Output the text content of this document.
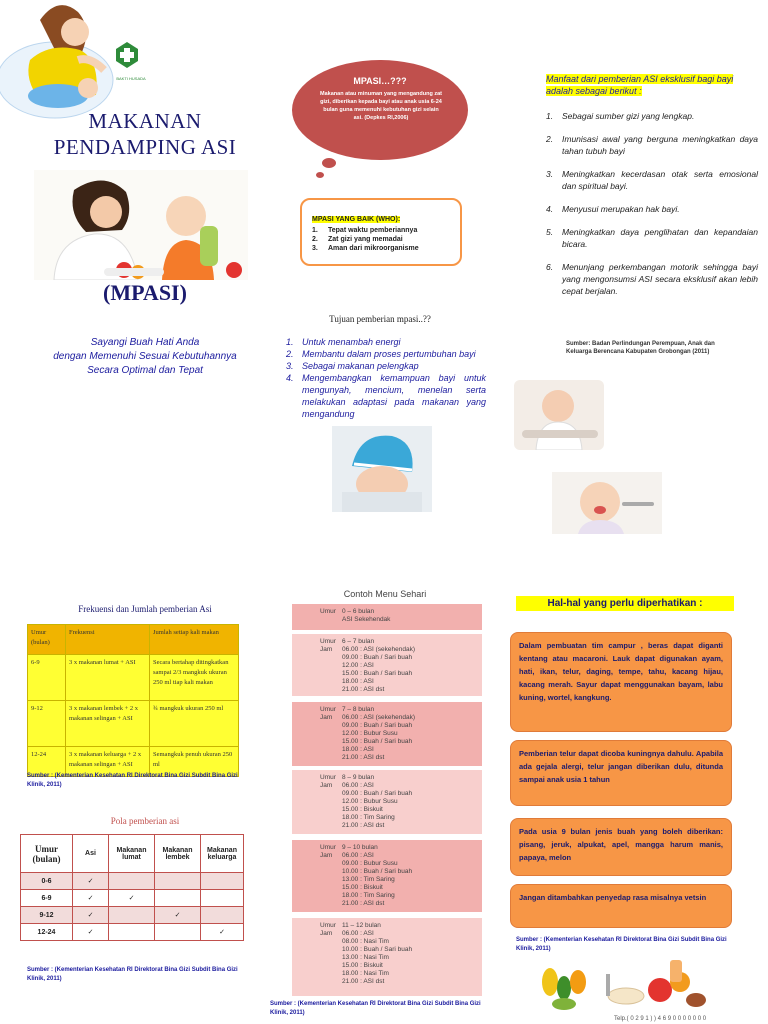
BAKTI HUSADA
MAKANAN
PENDAMPING ASI
(MPASI)
Sayangi Buah Hati Anda
dengan Memenuhi Sesuai Kebutuhannya
Secara Optimal dan Tepat
MPASI…???
Makanan atau minuman yang mengandung zat gizi, diberikan kepada bayi atau anak usia 6-24 bulan guna memenuhi kebutuhan gizi selain asi. (Depkes RI,2006)
MPASI YANG BAIK (WHO):
1.	Tepat waktu pemberiannya
2.	Zat gizi yang memadai
3.	Aman dari mikroorganisme
Tujuan pemberian mpasi..??
1. Untuk menambah energi
2. Membantu dalam proses pertumbuhan bayi
3. Sebagai makanan pelengkap
4. Mengembangkan kemampuan bayi untuk mengunyah, mencium, menelan serta melakukan adaptasi pada makanan yang mengandung
Manfaat dari pemberian ASI eksklusif bagi bayi adalah sebagai berikut :
1.	Sebagai sumber gizi yang lengkap.
2.	Imunisasi awal yang berguna meningkatkan daya tahan tubuh bayi
3.	Meningkatkan kecerdasan otak serta emosional dan spiritual bayi.
4.	Menyusui merupakan hak bayi.
5.	Meningkatkan daya penglihatan dan kepandaian bicara.
6.	Menunjang perkembangan motorik sehingga bayi yang mengonsumsi ASI secara eksklusif akan lebih cepat berjalan.
Sumber: Badan Perlindungan Perempuan, Anak dan Keluarga Berencana Kabupaten Grobongan (2011)
Frekuensi dan Jumlah pemberian Asi
Umur (bulan)	Frekuensi	Jumlah setiap kali makan
6-9	3 x makanan lumat + ASI	Secara bertahap ditingkatkan sampai 2/3 mangkuk ukuran 250 ml tiap kali makan
9-12	3 x makanan lembek + 2 x makanan selingan + ASI	¾ mangkuk ukuran 250 ml
12-24	3 x makanan keluarga + 2 x makanan selingan + ASI	Semangkuk penuh ukuran 250 ml
Sumber : (Kementerian Kesehatan RI Direktorat Bina Gizi Subdit Bina Gizi Klinik, 2011)
Pola pemberian asi
Umur (bulan)	Asi	Makanan lumat	Makanan lembek	Makanan keluarga
0-6	✓			
6-9	✓	✓		
9-12	✓		✓	
12-24	✓			✓
Sumber : (Kementerian Kesehatan RI Direktorat Bina Gizi Subdit Bina Gizi Klinik, 2011)
Contoh Menu Sehari
Umur 0 – 6 bulan
ASI Sekehendak
Umur 6 – 7 bulan
Jam	06.00 : ASI (sekehendak)
09.00 : Buah / Sari buah
12.00 : ASI
15.00 : Buah / Sari buah
18.00 : ASI
21.00 : ASI dst
Umur 7 – 8 bulan
Jam	06.00 : ASI (sekehendak)
09.00 : Buah / Sari buah
12.00 : Bubur Susu
15.00 : Buah / Sari buah
18.00 : ASI
21.00 : ASI dst
Umur 8 – 9 bulan
Jam	06.00 : ASI
09.00 : Buah / Sari buah
12.00 : Bubur Susu
15.00 : Biskuit
18.00 : Tim Saring
21.00 : ASI dst
Umur 9 – 10 bulan
Jam	06.00 : ASI
09.00 : Bubur Susu
10.00 : Buah / Sari buah
13.00 : Tim Saring
15.00 : Biskuit
18.00 : Tim Saring
21.00 : ASI dst
Umur 11 – 12 bulan
Jam	06.00 : ASI
08.00 : Nasi Tim
10.00 : Buah / Sari buah
13.00 : Nasi Tim
15.00 : Biskuit
18.00 : Nasi Tim
21.00 : ASI dst
Sumber : (Kementerian Kesehatan RI Direktorat Bina Gizi Subdit Bina Gizi Klinik, 2011)
Hal-hal yang perlu diperhatikan :
Dalam pembuatan tim campur , beras dapat diganti kentang atau macaroni. Lauk dapat digunakan ayam, hati, ikan, telur, daging, tempe, tahu, kacang hijau, kacang merah. Sayur dapat menggunakan bayam, labu kuning, wortel, kangkung.
Pemberian telur dapat dicoba kuningnya dahulu. Apabila ada gejala alergi, telur jangan diberikan dulu, ditunda sampai anak usia 1 tahun
Pada usia 9 bulan jenis buah yang boleh diberikan: pisang, jeruk, alpukat, apel, mangga harum manis, papaya, melon
Jangan ditambahkan penyedap rasa misalnya vetsin
Sumber : (Kementerian Kesehatan RI Direktorat Bina Gizi Subdit Bina Gizi Klinik, 2011)
Telp.( 0 2 9 1 ) ) 4 6 9 0 0 0 0 0 0 0
